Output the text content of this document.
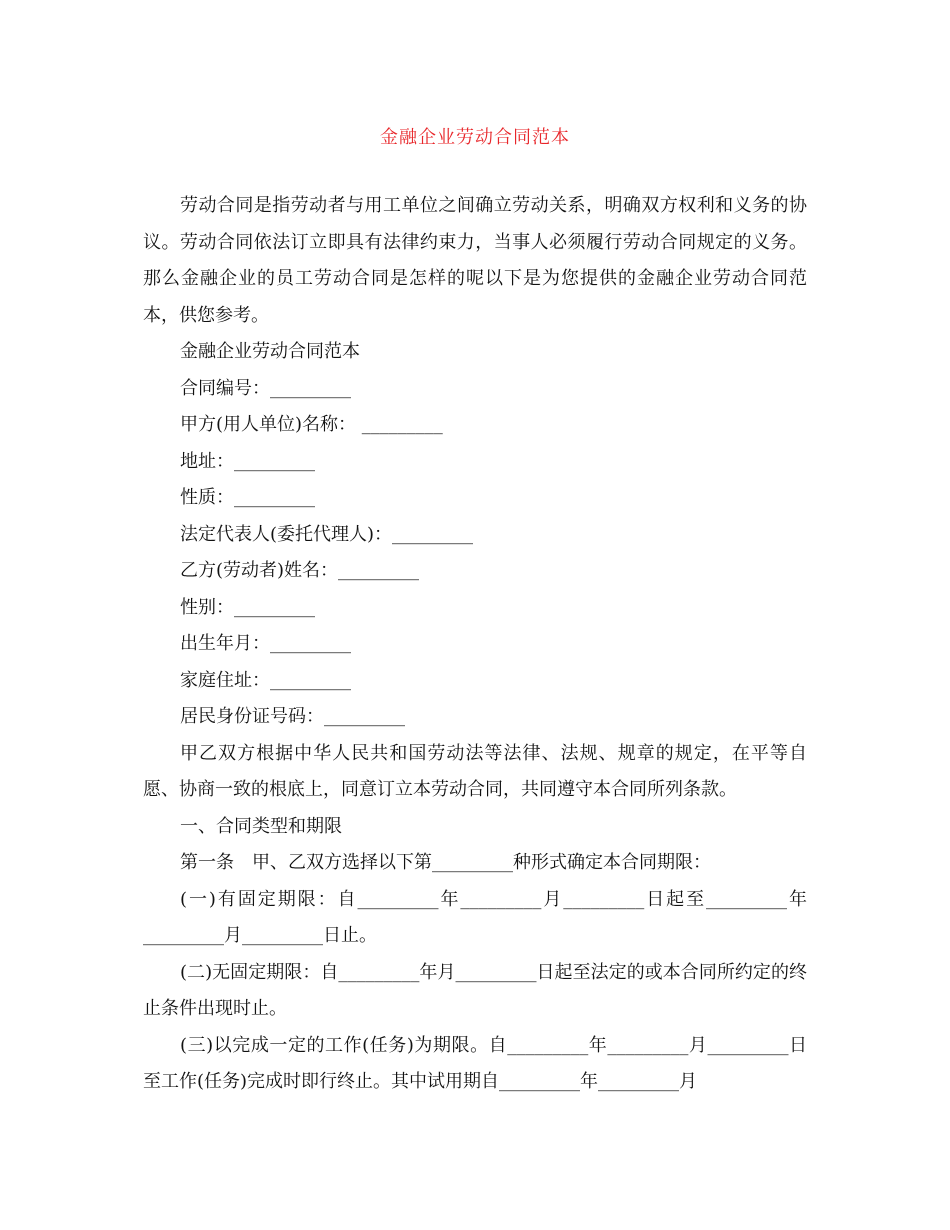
金融企业劳动合同范本

劳动合同是指劳动者与用工单位之间确立劳动关系，明确双方权利和义务的协议。劳动合同依法订立即具有法律约束力，当事人必须履行劳动合同规定的义务。那么金融企业的员工劳动合同是怎样的呢以下是为您提供的金融企业劳动合同范本，供您参考。

金融企业劳动合同范本
合同编号：_________
甲方(用人单位)名称： _________
地址：_________
性质：_________
法定代表人(委托代理人)：_________
乙方(劳动者)姓名：_________
性别：_________
出生年月：_________
家庭住址：_________
居民身份证号码：_________

甲乙双方根据中华人民共和国劳动法等法律、法规、规章的规定，在平等自愿、协商一致的根底上，同意订立本劳动合同，共同遵守本合同所列条款。

一、合同类型和期限

第一条　甲、乙双方选择以下第_________种形式确定本合同期限：

(一)有固定期限：自_________年_________月_________日起至_________年_________月_________日止。

(二)无固定期限：自_________年月_________日起至法定的或本合同所约定的终止条件出现时止。

(三)以完成一定的工作(任务)为期限。自_________年_________月_________日至工作(任务)完成时即行终止。其中试用期自_________年_________月
